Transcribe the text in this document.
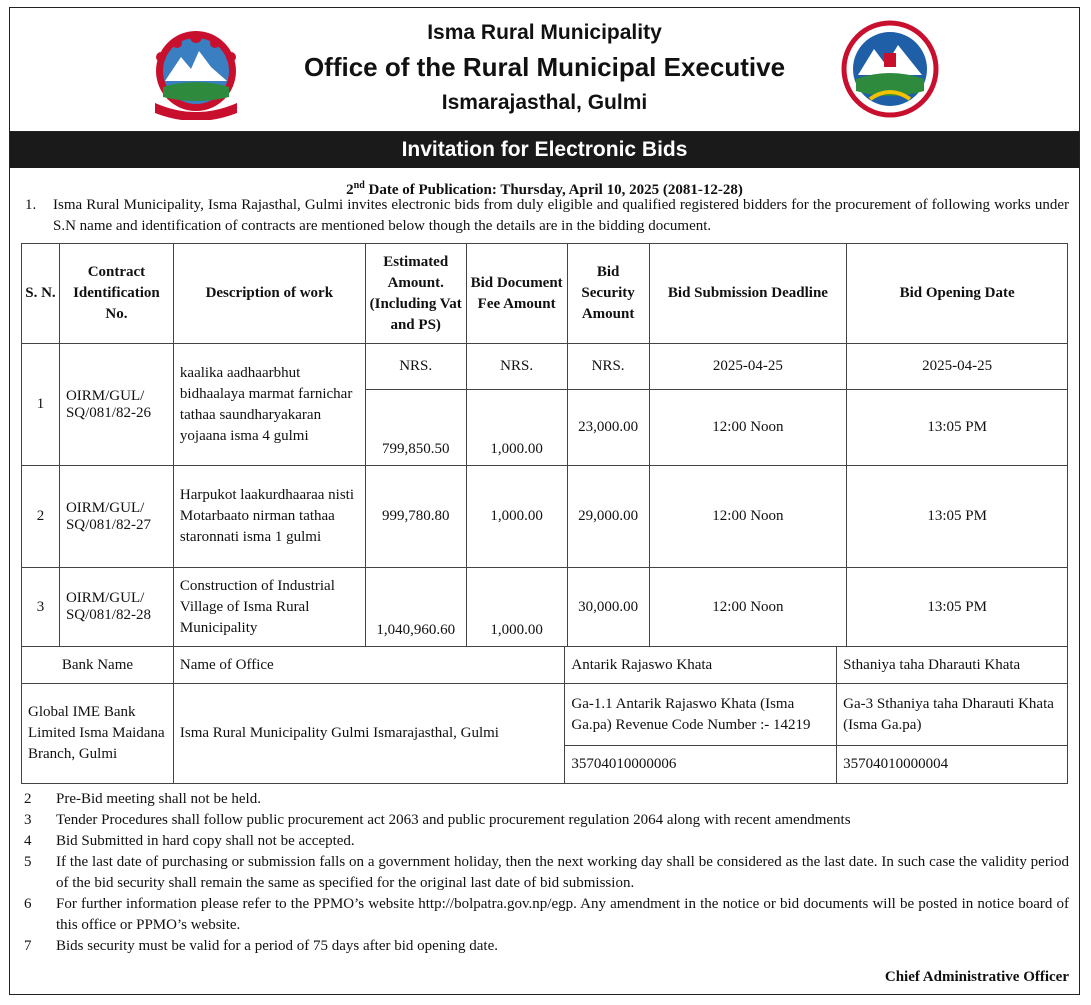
Isma Rural Municipality
Office of the Rural Municipal Executive
Ismarajasthal, Gulmi
Invitation for Electronic Bids
2nd Date of Publication: Thursday, April 10, 2025 (2081-12-28)
1. Isma Rural Municipality, Isma Rajasthal, Gulmi invites electronic bids from duly eligible and qualified registered bidders for the procurement of following works under S.N name and identification of contracts are mentioned below though the details are in the bidding document.
S. N.	Contract Identification No.	Description of work	Estimated Amount. (Including Vat and PS)	Bid Document Fee Amount	Bid Security Amount	Bid Submission Deadline	Bid Opening Date
1	OIRM/GUL/ SQ/081/82-26	kaalika aadhaarbhut bidhaalaya marmat farnichar tathaa saundharyakaran yojaana isma 4 gulmi	NRS.	NRS.	NRS.	2025-04-25	2025-04-25
			799,850.50	1,000.00	23,000.00	12:00 Noon	13:05 PM
2	OIRM/GUL/ SQ/081/82-27	Harpukot laakurdhaaraa nisti Motarbaato nirman tathaa staronnati isma 1 gulmi	999,780.80	1,000.00	29,000.00	12:00 Noon	13:05 PM
3	OIRM/GUL/ SQ/081/82-28	Construction of Industrial Village of Isma Rural Municipality	1,040,960.60	1,000.00	30,000.00	12:00 Noon	13:05 PM
Bank Name	Name of Office	Antarik Rajaswo Khata	Sthaniya taha Dharauti Khata
Global IME Bank Limited Isma Maidana Branch, Gulmi	Isma Rural Municipality Gulmi Ismarajasthal, Gulmi	Ga-1.1 Antarik Rajaswo Khata (Isma Ga.pa) Revenue Code Number :- 14219	Ga-3 Sthaniya taha Dharauti Khata (Isma Ga.pa)
		35704010000006	35704010000004
2 Pre-Bid meeting shall not be held.
3 Tender Procedures shall follow public procurement act 2063 and public procurement regulation 2064 along with recent amendments
4 Bid Submitted in hard copy shall not be accepted.
5 If the last date of purchasing or submission falls on a government holiday, then the next working day shall be considered as the last date. In such case the validity period of the bid security shall remain the same as specified for the original last date of bid submission.
6 For further information please refer to the PPMO’s website http://bolpatra.gov.np/egp. Any amendment in the notice or bid documents will be posted in notice board of this office or PPMO’s website.
7 Bids security must be valid for a period of 75 days after bid opening date.
Chief Administrative Officer
